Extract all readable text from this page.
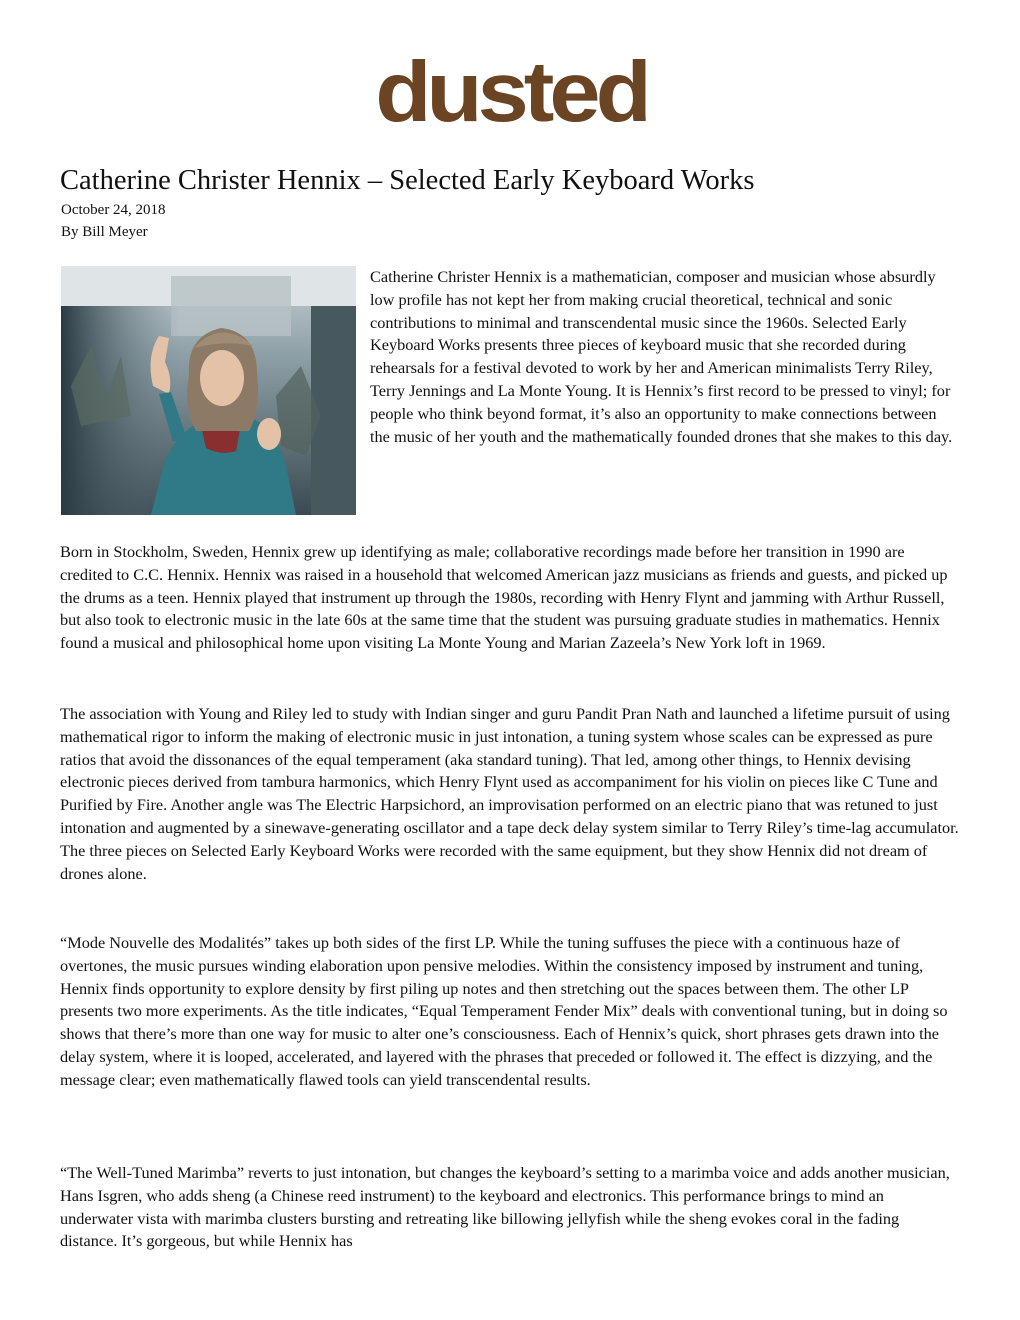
dusted
Catherine Christer Hennix – Selected Early Keyboard Works
October 24, 2018
By Bill Meyer

Catherine Christer Hennix is a mathematician, composer and musician whose absurdly low profile has not kept her from making crucial theoretical, technical and sonic contributions to minimal and transcendental music since the 1960s. Selected Early Keyboard Works presents three pieces of keyboard music that she recorded during rehearsals for a festival devoted to work by her and American minimalists Terry Riley, Terry Jennings and La Monte Young. It is Hennix’s first record to be pressed to vinyl; for people who think beyond format, it’s also an opportunity to make connections between the music of her youth and the mathematically founded drones that she makes to this day.

Born in Stockholm, Sweden, Hennix grew up identifying as male; collaborative recordings made before her transition in 1990 are credited to C.C. Hennix. Hennix was raised in a household that welcomed American jazz musicians as friends and guests, and picked up the drums as a teen. Hennix played that instrument up through the 1980s, recording with Henry Flynt and jamming with Arthur Russell, but also took to electronic music in the late 60s at the same time that the student was pursuing graduate studies in mathematics. Hennix found a musical and philosophical home upon visiting La Monte Young and Marian Zazeela’s New York loft in 1969.

The association with Young and Riley led to study with Indian singer and guru Pandit Pran Nath and launched a lifetime pursuit of using mathematical rigor to inform the making of electronic music in just intonation, a tuning system whose scales can be expressed as pure ratios that avoid the dissonances of the equal temperament (aka standard tuning). That led, among other things, to Hennix devising electronic pieces derived from tambura harmonics, which Henry Flynt used as accompaniment for his violin on pieces like C Tune and Purified by Fire. Another angle was The Electric Harpsichord, an improvisation performed on an electric piano that was retuned to just intonation and augmented by a sinewave-generating oscillator and a tape deck delay system similar to Terry Riley’s time-lag accumulator. The three pieces on Selected Early Keyboard Works were recorded with the same equipment, but they show Hennix did not dream of drones alone.

“Mode Nouvelle des Modalités” takes up both sides of the first LP. While the tuning suffuses the piece with a continuous haze of overtones, the music pursues winding elaboration upon pensive melodies. Within the consistency imposed by instrument and tuning, Hennix finds opportunity to explore density by first piling up notes and then stretching out the spaces between them. The other LP presents two more experiments. As the title indicates, “Equal Temperament Fender Mix” deals with conventional tuning, but in doing so shows that there’s more than one way for music to alter one’s consciousness. Each of Hennix’s quick, short phrases gets drawn into the delay system, where it is looped, accelerated, and layered with the phrases that preceded or followed it. The effect is dizzying, and the message clear; even mathematically flawed tools can yield transcendental results.

“The Well-Tuned Marimba” reverts to just intonation, but changes the keyboard’s setting to a marimba voice and adds another musician, Hans Isgren, who adds sheng (a Chinese reed instrument) to the keyboard and electronics. This performance brings to mind an underwater vista with marimba clusters bursting and retreating like billowing jellyfish while the sheng evokes coral in the fading distance. It’s gorgeous, but while Hennix has
